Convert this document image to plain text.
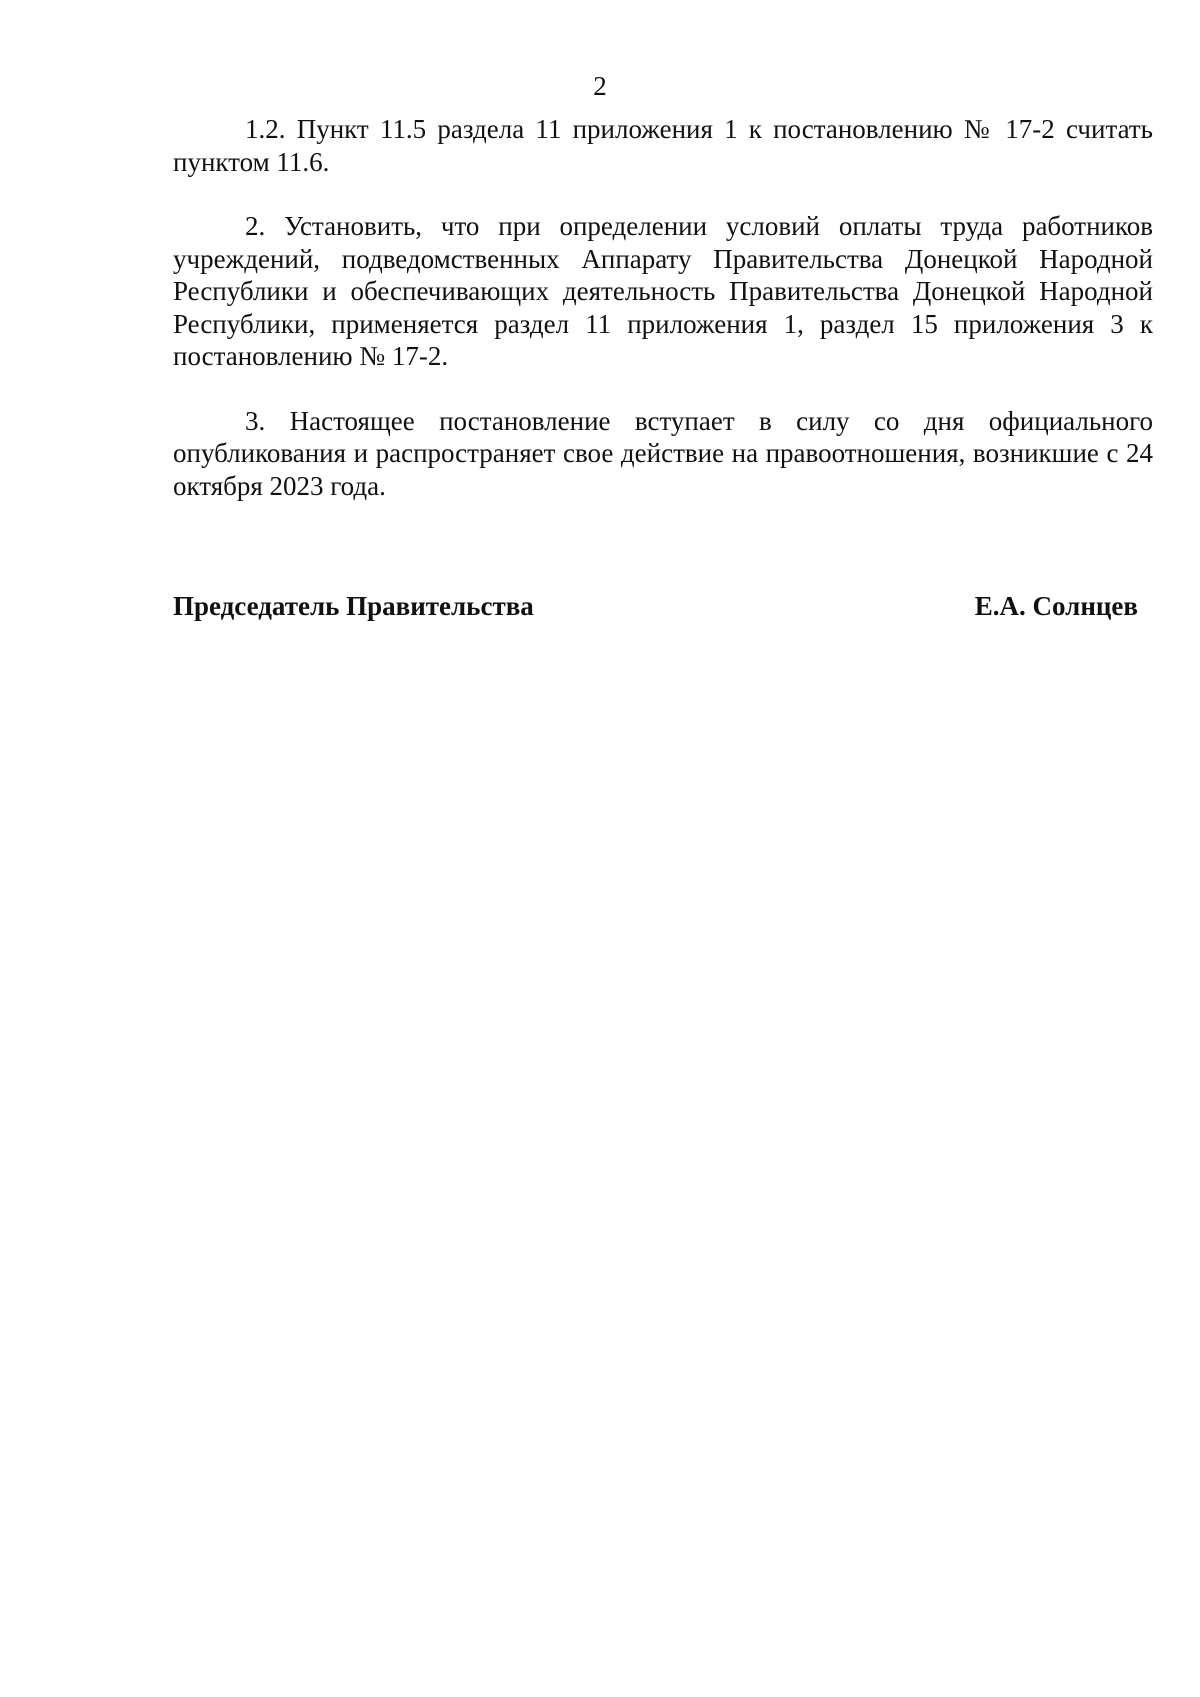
2

1.2. Пункт 11.5 раздела 11 приложения 1 к постановлению № 17-2 считать пунктом 11.6.

2. Установить, что при определении условий оплаты труда работников учреждений, подведомственных Аппарату Правительства Донецкой Народной Республики и обеспечивающих деятельность Правительства Донецкой Народной Республики, применяется раздел 11 приложения 1, раздел 15 приложения 3 к постановлению № 17-2.

3. Настоящее постановление вступает в силу со дня официального опубликования и распространяет свое действие на правоотношения, возникшие с 24 октября 2023 года.

Председатель Правительства	Е.А. Солнцев
